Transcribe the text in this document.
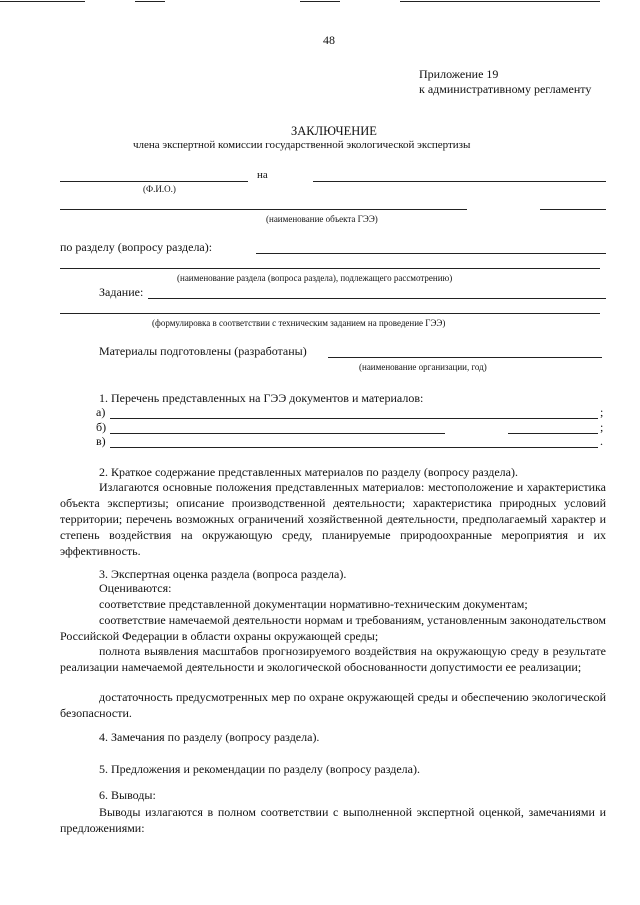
48
Приложение 19
к административному регламенту
ЗАКЛЮЧЕНИЕ
члена экспертной комиссии государственной экологической экспертизы
на
(Ф.И.О.)
(наименование объекта ГЭЭ)
по разделу (вопросу раздела):
(наименование раздела (вопроса раздела), подлежащего рассмотрению)
Задание:
(формулировка в соответствии с техническим заданием на проведение ГЭЭ)
Материалы подготовлены (разработаны)
(наименование организации, год)
1. Перечень представленных на ГЭЭ документов и материалов:
а)	;
б)	;
в)	.
2. Краткое содержание представленных материалов по разделу (вопросу раздела).
Излагаются основные положения представленных материалов: местоположение и характеристика объекта экспертизы; описание производственной деятельности; характеристика природных условий территории; перечень возможных ограничений хозяйственной деятельности, предполагаемый характер и степень воздействия на окружающую среду, планируемые природоохранные мероприятия и их эффективность.
3. Экспертная оценка раздела (вопроса раздела).
Оцениваются:
соответствие представленной документации нормативно-техническим документам;
соответствие намечаемой деятельности нормам и требованиям, установленным законодательством Российской Федерации в области охраны окружающей среды;
полнота выявления масштабов прогнозируемого воздействия на окружающую среду в результате реализации намечаемой деятельности и экологической обоснованности допустимости ее реализации;
достаточность предусмотренных мер по охране окружающей среды и обеспечению экологической безопасности.
4. Замечания по разделу (вопросу раздела).
5. Предложения и рекомендации по разделу (вопросу раздела).
6. Выводы:
Выводы излагаются в полном соответствии с выполненной экспертной оценкой, замечаниями и предложениями:
